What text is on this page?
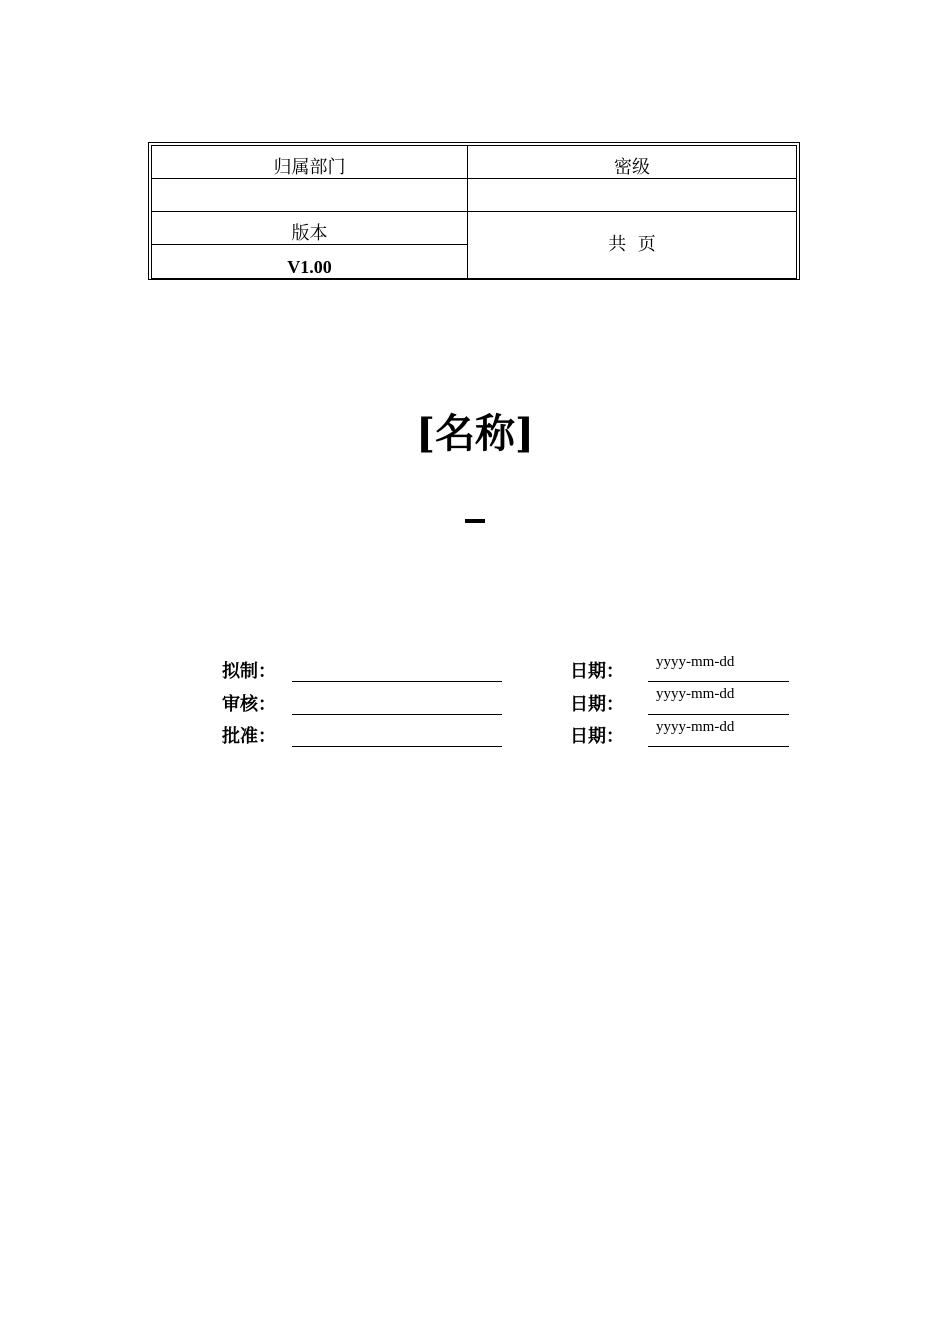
归属部门	密级

版本	共  页
V1.00	
[名称]
拟制：	日期： yyyy-mm-dd
审核：	日期： yyyy-mm-dd
批准：	日期： yyyy-mm-dd
